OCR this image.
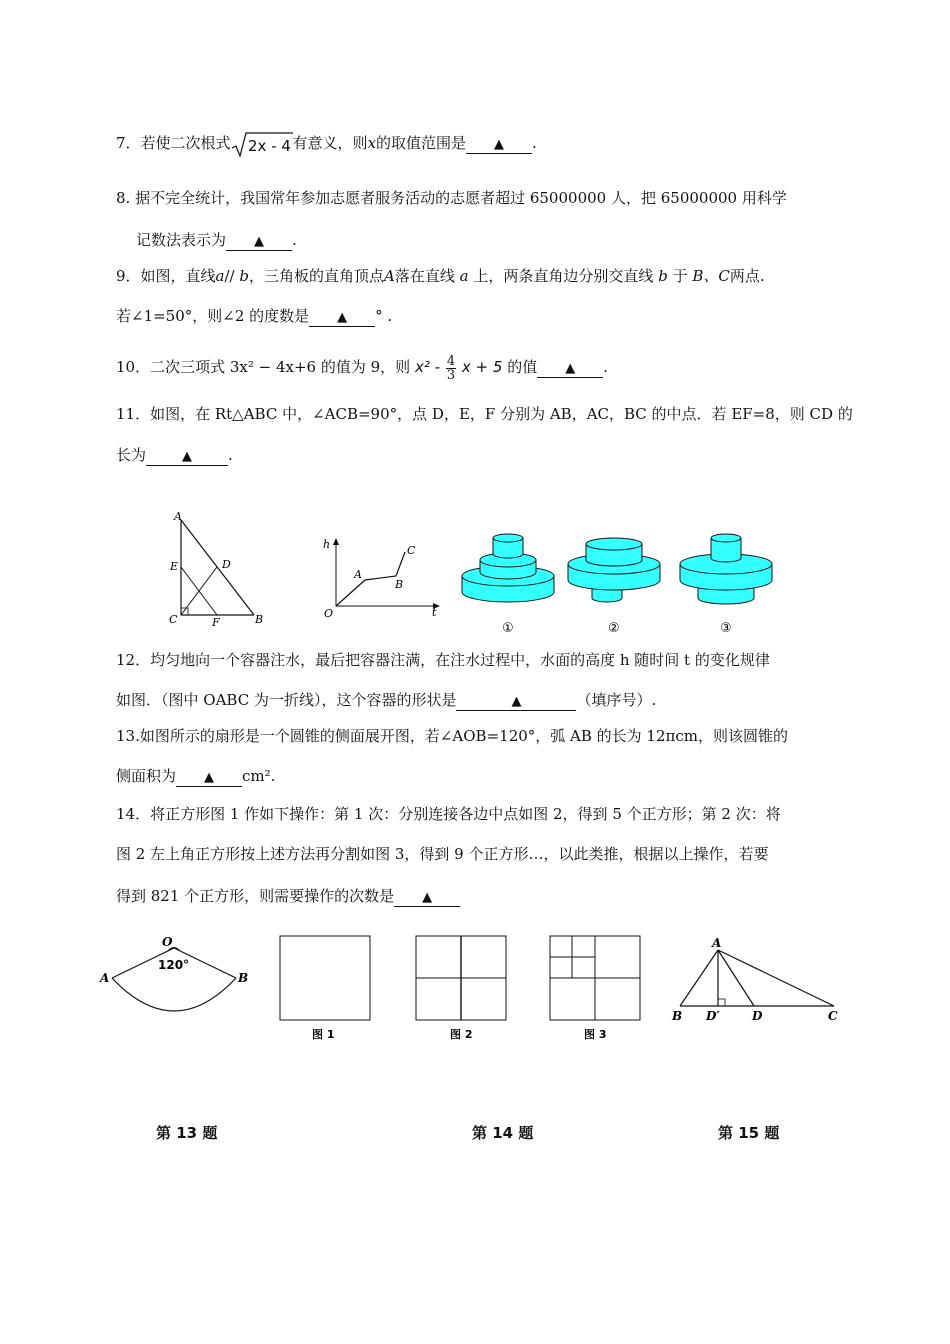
7．若使二次根式 2x - 4 有意义，则x的取值范围是 ▲ .
8. 据不完全统计，我国常年参加志愿者服务活动的志愿者超过 65000000 人，把 65000000 用科学
记数法表示为 ▲ .
9．如图，直线a// b，三角板的直角顶点A落在直线 a 上，两条直角边分别交直线 b 于 B、C两点.
若∠1=50°，则∠2 的度数是 ▲ ° .
10．二次三项式 3x² − 4x+6 的值为 9，则 $x^2 - \frac{4}{3}$ x + 5 的值 ▲ .
11．如图，在 Rt△ABC 中，∠ACB=90°，点 D，E，F 分别为 AB，AC，BC 的中点．若 EF=8，则 CD 的
长为	▲ .
A
E	D
C	F	B
h
t
O
A
B
C
①	②	③
12．均匀地向一个容器注水，最后把容器注满，在注水过程中，水面的高度 h 随时间 t 的变化规律
如图．（图中 OABC 为一折线），这个容器的形状是	▲	（填序号）.
13.如图所示的扇形是一个圆锥的侧面展开图，若∠AOB=120°，弧 AB 的长为 12πcm，则该圆锥的
侧面积为 ▲ cm².
14．将正方形图 1 作如下操作：第 1 次：分别连接各边中点如图 2，得到 5 个正方形；第 2 次：将
图 2 左上角正方形按上述方法再分割如图 3，得到 9 个正方形…，以此类推，根据以上操作，若要
得到 821 个正方形，则需要操作的次数是 ▲
O
120°
A	B
图 1	图 2	图 3
A
B D′	D	C
第 13 题	第 14 题	第 15 题
